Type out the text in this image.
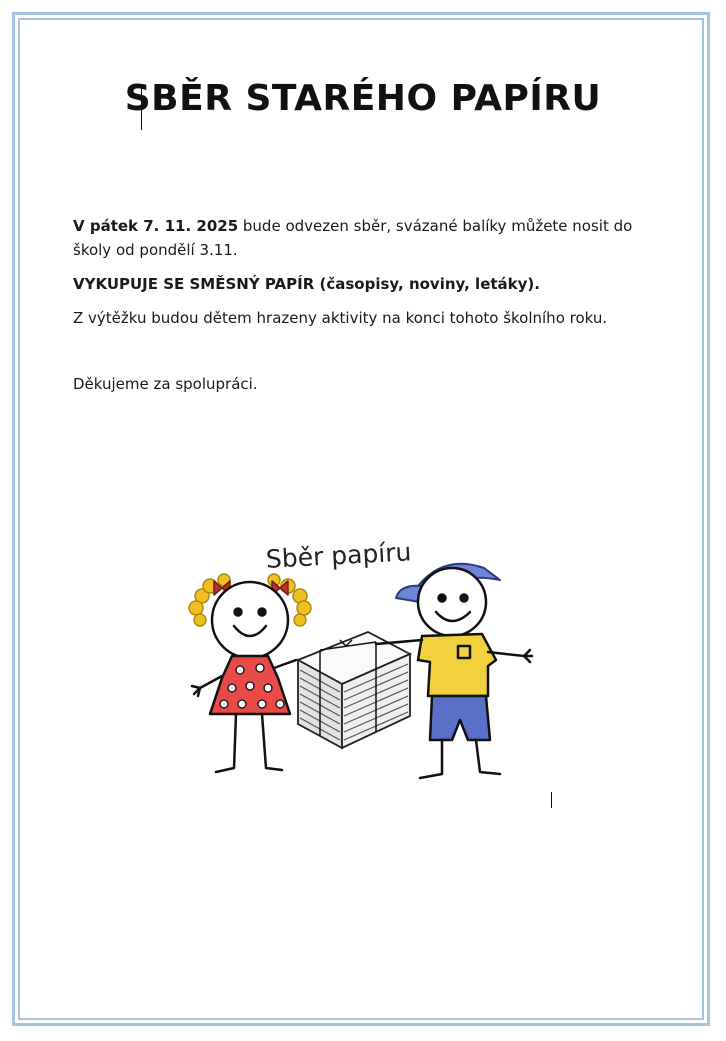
SBĚR STARÉHO PAPÍRU

V pátek 7. 11. 2025 bude odvezen sběr, svázané balíky můžete nosit do školy od pondělí 3.11.

VYKUPUJE SE SMĚSNÝ PAPÍR (časopisy, noviny, letáky).

Z výtěžku budou dětem hrazeny aktivity na konci tohoto školního roku.

Děkujeme za spolupráci.

Sběr papíru
